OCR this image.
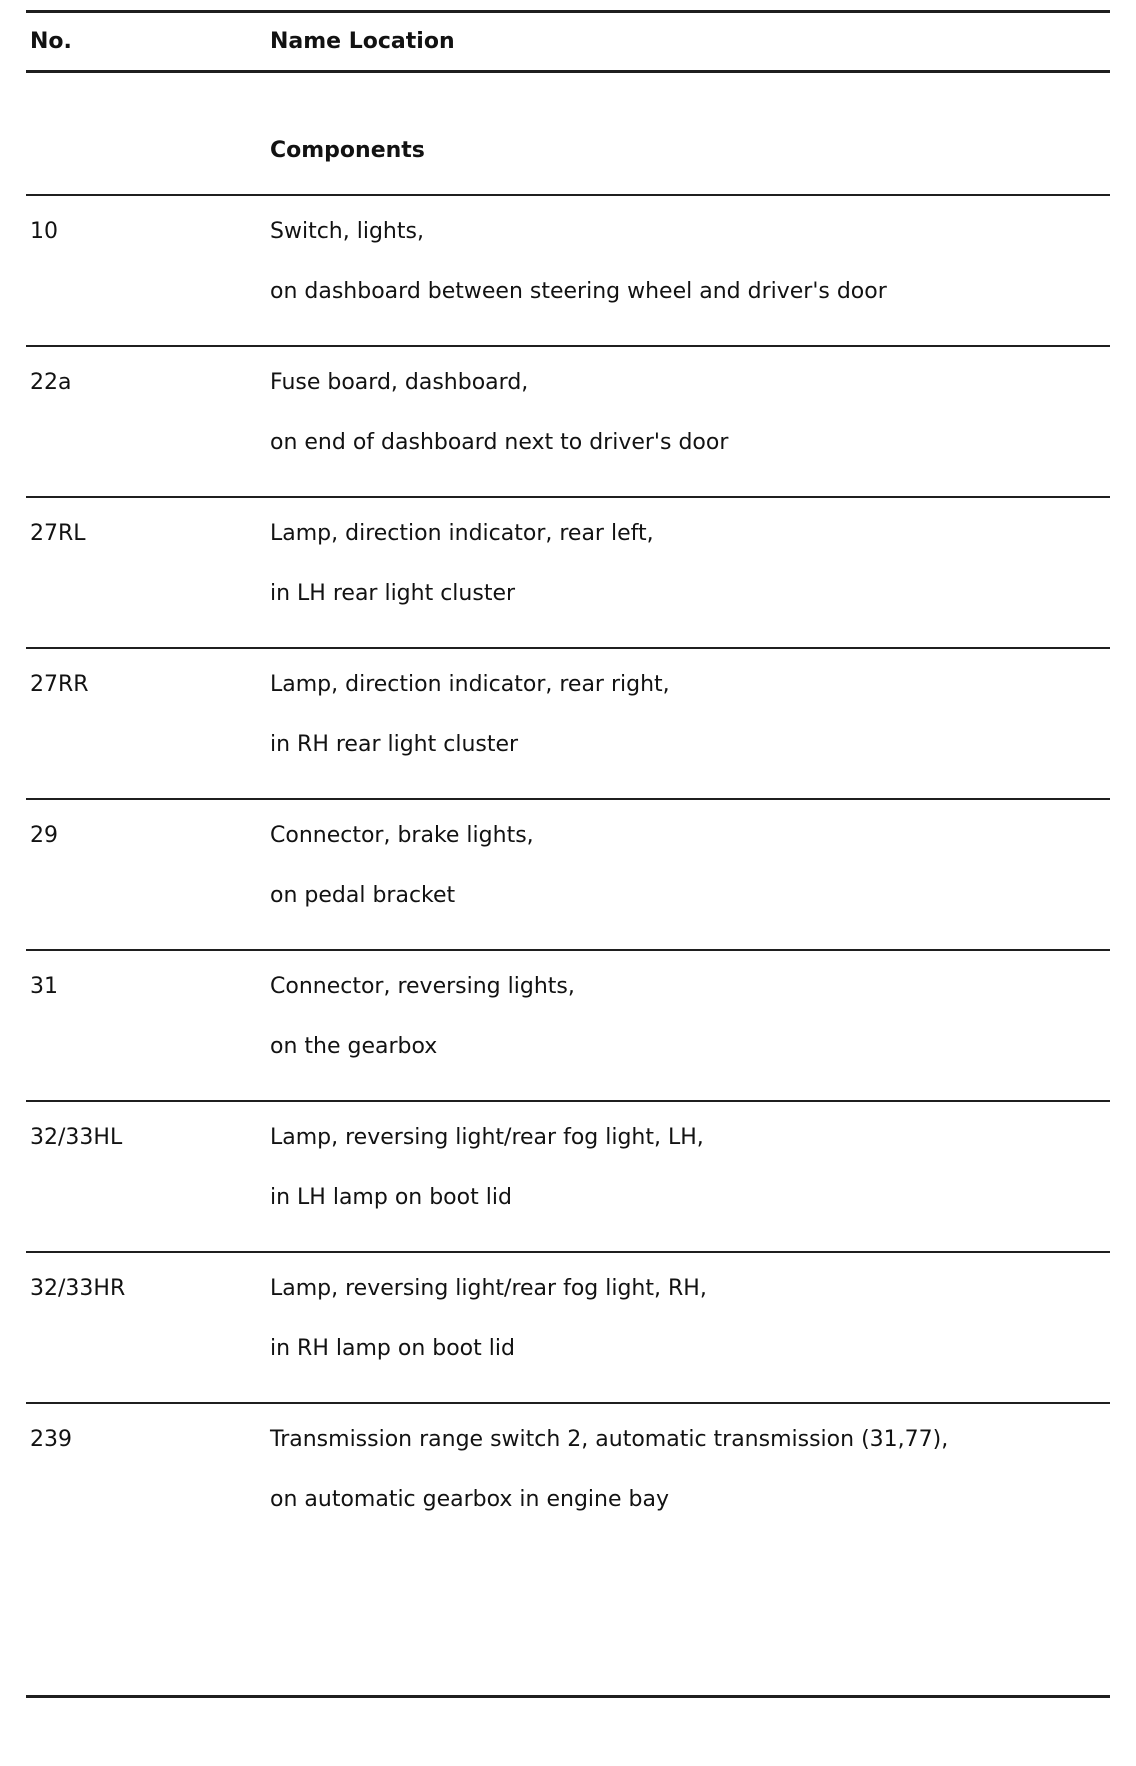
No.	Name Location
Components
10	Switch, lights,

on dashboard between steering wheel and driver's door

22a	Fuse board, dashboard,

on end of dashboard next to driver's door

27RL	Lamp, direction indicator, rear left,

in LH rear light cluster

27RR	Lamp, direction indicator, rear right,

in RH rear light cluster

29	Connector, brake lights,

on pedal bracket

31	Connector, reversing lights,

on the gearbox

32/33HL	Lamp, reversing light/rear fog light, LH,

in LH lamp on boot lid

32/33HR	Lamp, reversing light/rear fog light, RH,

in RH lamp on boot lid

239	Transmission range switch 2, automatic transmission (31,77),

on automatic gearbox in engine bay
